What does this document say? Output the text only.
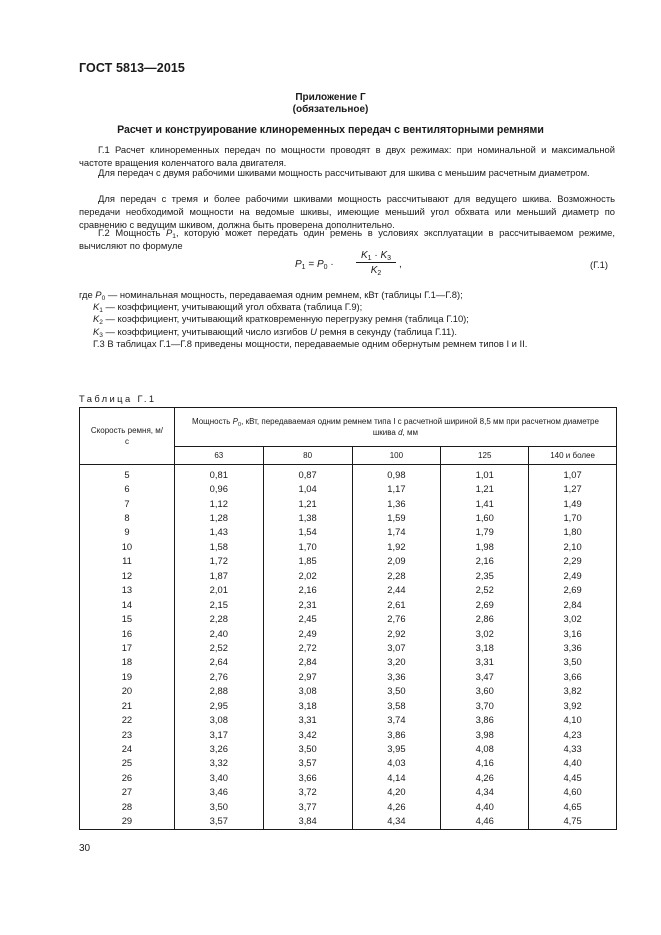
ГОСТ 5813—2015
Приложение Г
(обязательное)
Расчет и конструирование клиноременных передач с вентиляторными ремнями
Г.1 Расчет клиноременных передач по мощности проводят в двух режимах: при номинальной и максимальной частоте вращения коленчатого вала двигателя.
Для передач с двумя рабочими шкивами мощность рассчитывают для шкива с меньшим расчетным диаметром.
Для передач с тремя и более рабочими шкивами мощность рассчитывают для ведущего шкива. Возможность передачи необходимой мощности на ведомые шкивы, имеющие меньший угол обхвата или меньший диаметр по сравнению с ведущим шкивом, должна быть проверена дополнительно.
Г.2 Мощность $P_1$, которую может передать один ремень в условиях эксплуатации в рассчитываемом режиме, вычисляют по формуле
$P_1 = P_0 \cdot \frac{K_1 \cdot K_3}{K_2}$ ,	(Г.1)
где $P_0$ — номинальная мощность, передаваемая одним ремнем, кВт (таблицы Г.1—Г.8);
$K_1$ — коэффициент, учитывающий угол обхвата (таблица Г.9);
$K_2$ — коэффициент, учитывающий кратковременную перегрузку ремня (таблица Г.10);
$K_3$ — коэффициент, учитывающий число изгибов U ремня в секунду (таблица Г.11).
Г.3 В таблицах Г.1—Г.8 приведены мощности, передаваемые одним обернутым ремнем типов I и II.
Таблица Г.1
Скорость ремня, м/с	Мощность $P_0$, кВт, передаваемая одним ремнем типа I с расчетной шириной 8,5 мм при расчетном диаметре шкива d, мм				
	63	80	100	125	140 и более
5	0,81	0,87	0,98	1,01	1,07
6	0,96	1,04	1,17	1,21	1,27
7	1,12	1,21	1,36	1,41	1,49
8	1,28	1,38	1,59	1,60	1,70
9	1,43	1,54	1,74	1,79	1,80
10	1,58	1,70	1,92	1,98	2,10
11	1,72	1,85	2,09	2,16	2,29
12	1,87	2,02	2,28	2,35	2,49
13	2,01	2,16	2,44	2,52	2,69
14	2,15	2,31	2,61	2,69	2,84
15	2,28	2,45	2,76	2,86	3,02
16	2,40	2,49	2,92	3,02	3,16
17	2,52	2,72	3,07	3,18	3,36
18	2,64	2,84	3,20	3,31	3,50
19	2,76	2,97	3,36	3,47	3,66
20	2,88	3,08	3,50	3,60	3,82
21	2,95	3,18	3,58	3,70	3,92
22	3,08	3,31	3,74	3,86	4,10
23	3,17	3,42	3,86	3,98	4,23
24	3,26	3,50	3,95	4,08	4,33
25	3,32	3,57	4,03	4,16	4,40
26	3,40	3,66	4,14	4,26	4,45
27	3,46	3,72	4,20	4,34	4,60
28	3,50	3,77	4,26	4,40	4,65
29	3,57	3,84	4,34	4,46	4,75
30
